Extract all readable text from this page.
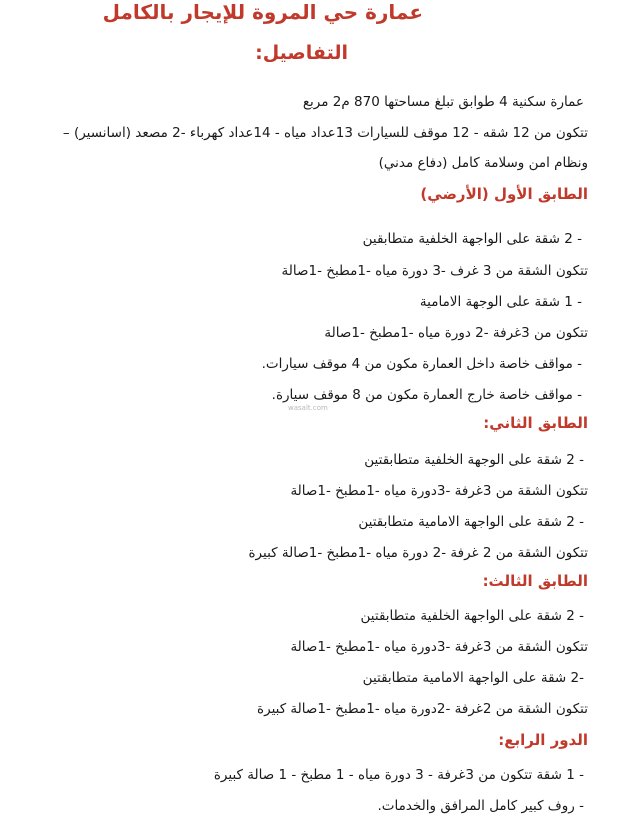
عمارة حي المروة للإيجار بالكامل
التفاصيل:
عمارة سكنية 4 طوابق تبلغ مساحتها 870 م2 مربع
تتكون من 12 شقه - 12 موقف للسيارات 13عداد مياه - 14عداد كهرباء -2 مصعد (اسانسير) – ونظام امن وسلامة كامل (دفاع مدني)
الطابق الأول (الأرضي)
- 2 شقة على الواجهة الخلفية متطابقين
تتكون الشقة من 3 غرف -3 دورة مياه -1مطبخ -1صالة
- 1 شقة على الوجهة الامامية
تتكون من 3غرفة -2 دورة مياه -1مطبخ -1صالة
- مواقف خاصة داخل العمارة مكون من 4 موقف سيارات.
- مواقف خاصة خارج العمارة مكون من 8 موقف سيارة.
wasalt.com
الطابق الثاني:
- 2 شقة على الوجهة الخلفية متطابقتين
تتكون الشقة من 3غرفة -3دورة مياه -1مطبخ -1صالة
- 2 شقة على الواجهة الامامية متطابقتين
تتكون الشقة من 2 غرفة -2 دورة مياه -1مطبخ -1صالة كبيرة
الطابق الثالث:
- 2 شقة على الواجهة الخلفية متطابقتين
تتكون الشقة من 3غرفة -3دورة مياه -1مطبخ -1صالة
-2 شقة على الواجهة الامامية متطابقتين
تتكون الشقة من 2غرفة -2دورة مياه -1مطبخ -1صالة كبيرة
الدور الرابع:
- 1 شقة تتكون من 3غرفة - 3 دورة مياه - 1 مطبخ - 1 صالة كبيرة
- روف كبير كامل المرافق والخدمات.
